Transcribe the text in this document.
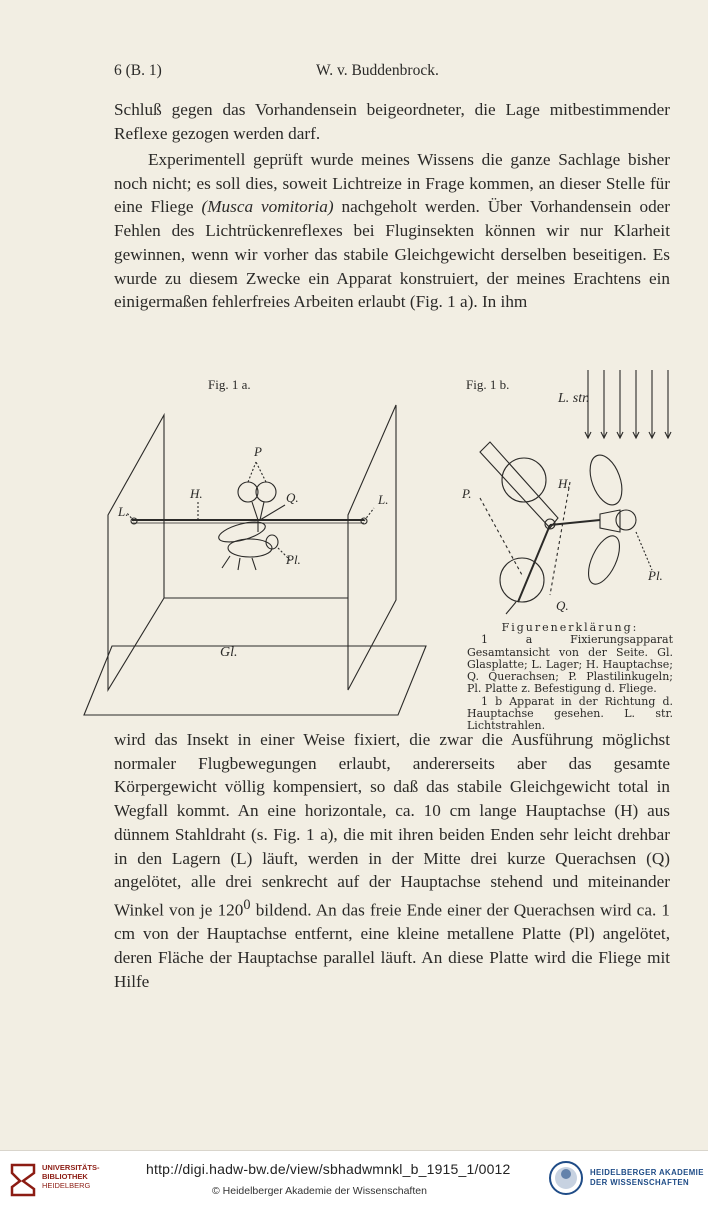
6 (B. 1)	W. v. Buddenbrock.

Schluß gegen das Vorhandensein beigeordneter, die Lage mitbestimmender Reflexe gezogen werden darf.

Experimentell geprüft wurde meines Wissens die ganze Sachlage bisher noch nicht; es soll dies, soweit Lichtreize in Frage kommen, an dieser Stelle für eine Fliege (Musca vomitoria) nachgeholt werden. Über Vorhandensein oder Fehlen des Lichtrückenreflexes bei Fluginsekten können wir nur Klarheit gewinnen, wenn wir vorher das stabile Gleichgewicht derselben beseitigen. Es wurde zu diesem Zwecke ein Apparat konstruiert, der meines Erachtens ein einigermaßen fehlerfreies Arbeiten erlaubt (Fig. 1 a). In ihm

Fig. 1 a.	Fig. 1 b.
P
H.	Q.
L.
L.
Pl.
L. str.
P.
H.
Q.
Pl.
Gl.

Figurenerklärung:
1 a Fixierungsapparat Gesamtansicht von der Seite. Gl. Glasplatte; L. Lager; H. Hauptachse; Q. Querachsen; P. Plastilinkugeln; Pl. Platte z. Befestigung d. Fliege.
1 b Apparat in der Richtung d. Hauptachse gesehen. L. str. Lichtstrahlen.

wird das Insekt in einer Weise fixiert, die zwar die Ausführung möglichst normaler Flugbewegungen erlaubt, andererseits aber das gesamte Körpergewicht völlig kompensiert, so daß das stabile Gleichgewicht total in Wegfall kommt. An eine horizontale, ca. 10 cm lange Hauptachse (H) aus dünnem Stahldraht (s. Fig. 1 a), die mit ihren beiden Enden sehr leicht drehbar in den Lagern (L) läuft, werden in der Mitte drei kurze Querachsen (Q) angelötet, alle drei senkrecht auf der Hauptachse stehend und miteinander Winkel von je $120^0$ bildend. An das freie Ende einer der Querachsen wird ca. 1 cm von der Hauptachse entfernt, eine kleine metallene Platte (Pl) angelötet, deren Fläche der Hauptachse parallel läuft. An diese Platte wird die Fliege mit Hilfe

UNIVERSITÄTS-
BIBLIOTHEK
HEIDELBERG
http://digi.hadw-bw.de/view/sbhadwmnkl_b_1915_1/0012
© Heidelberger Akademie der Wissenschaften
HEIDELBERGER AKADEMIE
DER WISSENSCHAFTEN
